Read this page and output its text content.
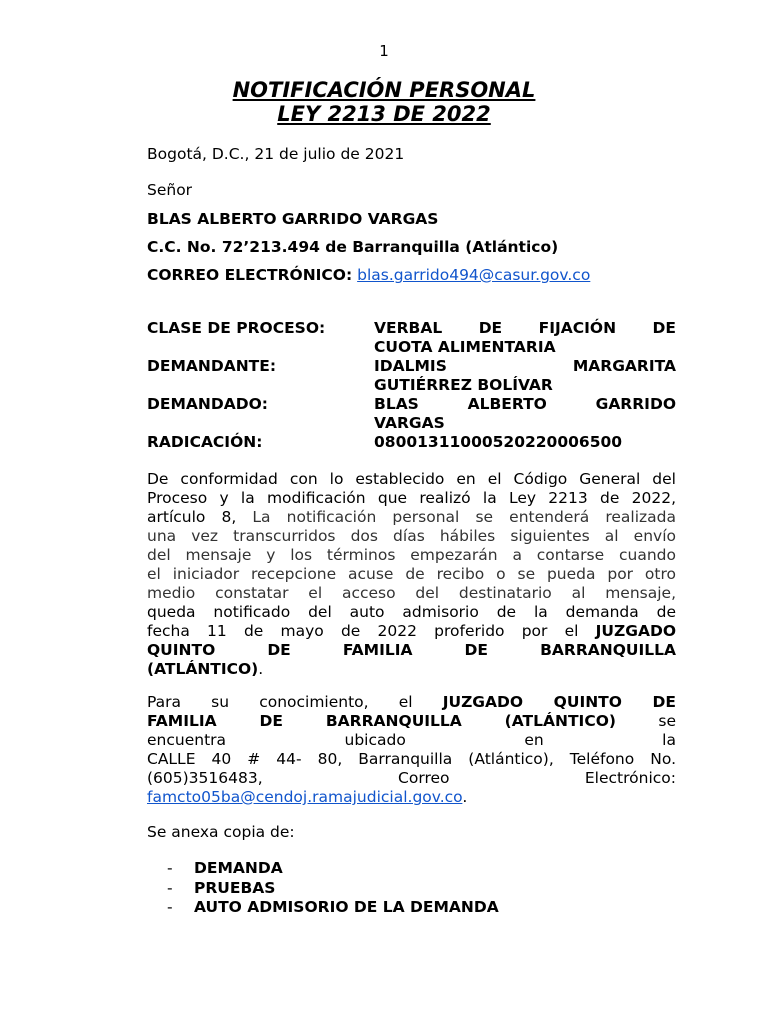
1
NOTIFICACIÓN PERSONAL
LEY 2213 DE 2022
Bogotá, D.C., 21 de julio de 2021
Señor
BLAS ALBERTO GARRIDO VARGAS
C.C. No. 72’213.494 de Barranquilla (Atlántico)
CORREO ELECTRÓNICO: blas.garrido494@casur.gov.co
CLASE DE PROCESO:	VERBAL DE FIJACIÓN DE
CUOTA ALIMENTARIA

DEMANDANTE:	IDALMIS MARGARITA
GUTIÉRREZ BOLÍVAR

DEMANDADO:	BLAS ALBERTO GARRIDO
VARGAS

RADICACIÓN:	08001311000520220006500
De conformidad con lo establecido en el Código General del
Proceso y la modificación que realizó la Ley 2213 de 2022,
artículo 8, La notificación personal se entenderá realizada
una vez transcurridos dos días hábiles siguientes al envío
del mensaje y los términos empezarán a contarse cuando
el iniciador recepcione acuse de recibo o se pueda por otro
medio constatar el acceso del destinatario al mensaje,
queda notificado del auto admisorio de la demanda de
fecha 11 de mayo de 2022 proferido por el JUZGADO
QUINTO DE FAMILIA DE BARRANQUILLA
(ATLÁNTICO).
Para su conocimiento, el JUZGADO QUINTO DE
FAMILIA DE BARRANQUILLA (ATLÁNTICO) se
encuentra ubicado en la
CALLE 40 # 44- 80, Barranquilla (Atlántico), Teléfono No.
(605)3516483, Correo Electrónico:
famcto05ba@cendoj.ramajudicial.gov.co.
Se anexa copia de:
- DEMANDA
- PRUEBAS
- AUTO ADMISORIO DE LA DEMANDA
